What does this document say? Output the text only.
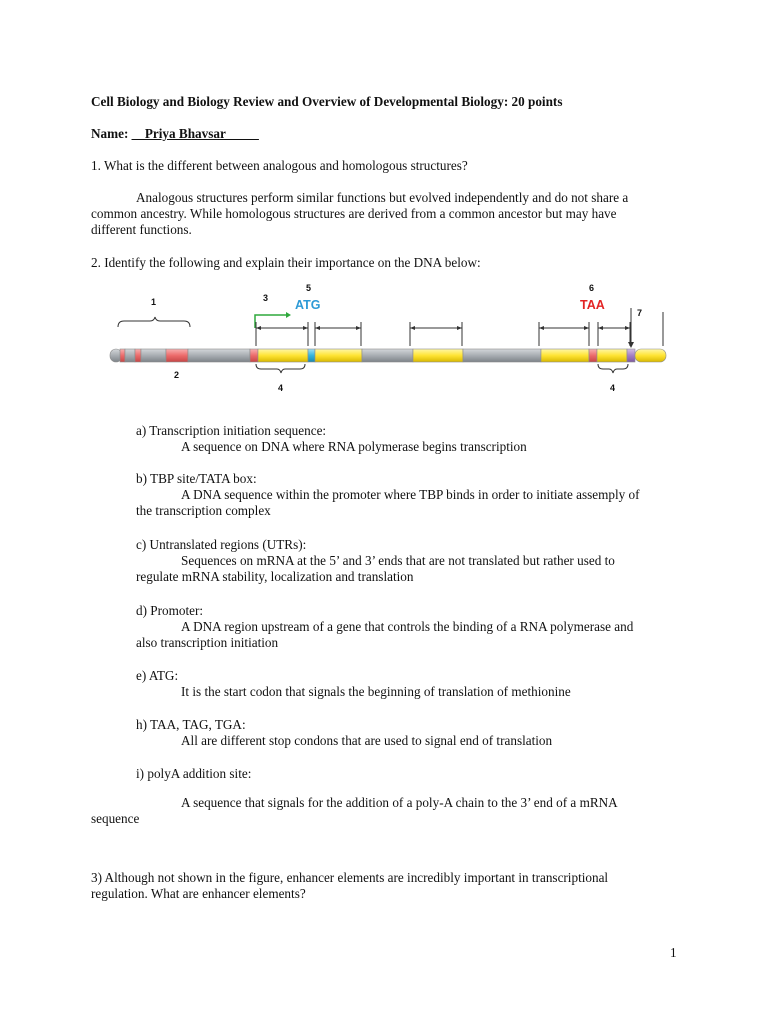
Cell Biology and Biology Review and Overview of Developmental Biology: 20 points
Name: __Priya Bhavsar_____
1. What is the different between analogous and homologous structures?
Analogous structures perform similar functions but evolved independently and do not share a
common ancestry. While homologous structures are derived from a common ancestor but may have
different functions.
2. Identify the following and explain their importance on the DNA below:
1	3
5	6
7
2
4	4
ATG	TAA
a) Transcription initiation sequence:
A sequence on DNA where RNA polymerase begins transcription
b) TBP site/TATA box:
A DNA sequence within the promoter where TBP binds in order to initiate assemply of
the transcription complex
c) Untranslated regions (UTRs):
Sequences on mRNA at the 5’ and 3’ ends that are not translated but rather used to
regulate mRNA stability, localization and translation
d) Promoter:
A DNA region upstream of a gene that controls the binding of a RNA polymerase and
also transcription initiation
e) ATG:
It is the start codon that signals the beginning of translation of methionine
h) TAA, TAG, TGA:
All are different stop condons that are used to signal end of translation
i) polyA addition site:
A sequence that signals for the addition of a poly-A chain to the 3’ end of a mRNA
sequence
3) Although not shown in the figure, enhancer elements are incredibly important in transcriptional
regulation. What are enhancer elements?
1
